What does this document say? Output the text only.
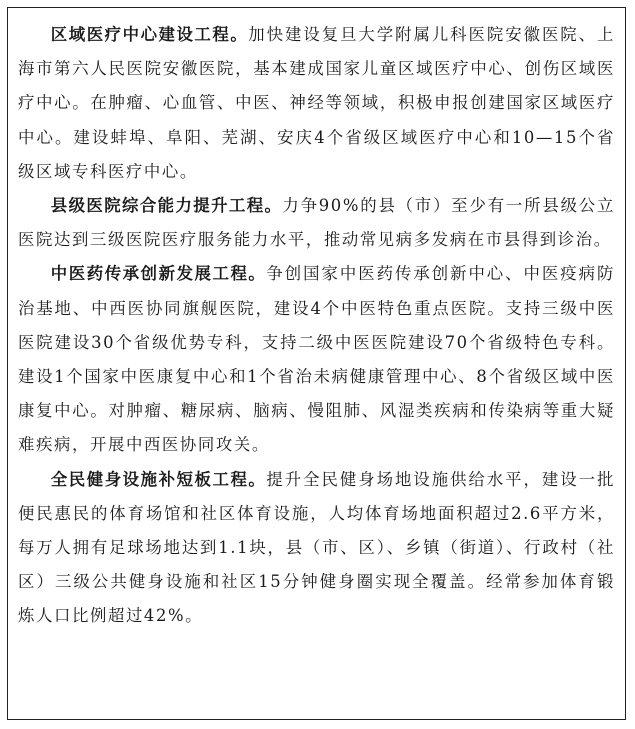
区域医疗中心建设工程。加快建设复旦大学附属儿科医院安徽医院、上海市第六人民医院安徽医院，基本建成国家儿童区域医疗中心、创伤区域医疗中心。在肿瘤、心血管、中医、神经等领域，积极申报创建国家区域医疗中心。建设蚌埠、阜阳、芜湖、安庆4个省级区域医疗中心和10—15个省级区域专科医疗中心。

县级医院综合能力提升工程。力争90%的县（市）至少有一所县级公立医院达到三级医院医疗服务能力水平，推动常见病多发病在市县得到诊治。

中医药传承创新发展工程。争创国家中医药传承创新中心、中医疫病防治基地、中西医协同旗舰医院，建设4个中医特色重点医院。支持三级中医医院建设30个省级优势专科，支持二级中医医院建设70个省级特色专科。建设1个国家中医康复中心和1个省治未病健康管理中心、8个省级区域中医康复中心。对肿瘤、糖尿病、脑病、慢阻肺、风湿类疾病和传染病等重大疑难疾病，开展中西医协同攻关。

全民健身设施补短板工程。提升全民健身场地设施供给水平，建设一批便民惠民的体育场馆和社区体育设施，人均体育场地面积超过2.6平方米，每万人拥有足球场地达到1.1块，县（市、区）、乡镇（街道）、行政村（社区）三级公共健身设施和社区15分钟健身圈实现全覆盖。经常参加体育锻炼人口比例超过42%。
